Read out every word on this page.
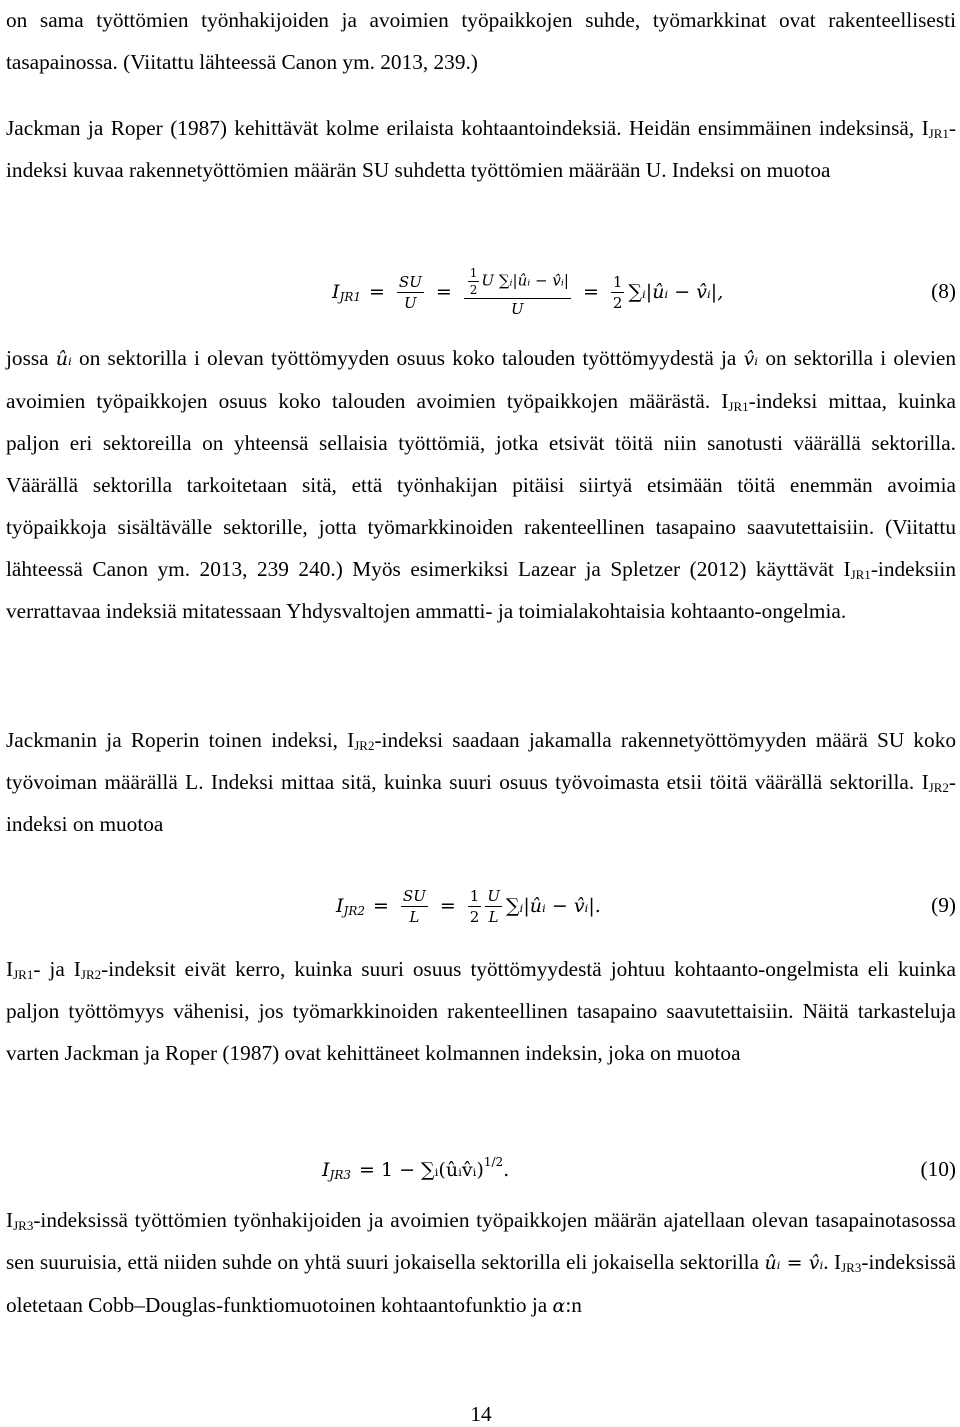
on sama työttömien työnhakijoiden ja avoimien työpaikkojen suhde, työmarkkinat ovat rakenteellisesti tasapainossa. (Viitattu lähteessä Canon ym. 2013, 239.)

Jackman ja Roper (1987) kehittävät kolme erilaista kohtaantoindeksiä. Heidän ensimmäinen indeksinsä, $I_{JR1}$-indeksi kuvaa rakennetyöttömien määrän SU suhdetta työttömien määrään U. Indeksi on muotoa

I $JR1 = \frac{SU}{U} = \frac{\frac{1}{2} U \sum ᵢ|ûᵢ - v̂ᵢ|}{U} = \frac{1}{2}$ ∑ᵢ|ûᵢ − v̂ᵢ|,	(8)

jossa ûᵢ on sektorilla i olevan työttömyyden osuus koko talouden työttömyydestä ja v̂ᵢ on sektorilla i olevien avoimien työpaikkojen osuus koko talouden avoimien työpaikkojen määrästä. $I_{JR1}$-indeksi mittaa, kuinka paljon eri sektoreilla on yhteensä sellaisia työttömiä, jotka etsivät töitä niin sanotusti väärällä sektorilla. Väärällä sektorilla tarkoitetaan sitä, että työnhakijan pitäisi siirtyä etsimään töitä enemmän avoimia työpaikkoja sisältävälle sektorille, jotta työmarkkinoiden rakenteellinen tasapaino saavutettaisiin. (Viitattu lähteessä Canon ym. 2013, 239 240.) Myös esimerkiksi Lazear ja Spletzer (2012) käyttävät $I_{JR1}$-indeksiin verrattavaa indeksiä mitatessaan Yhdysvaltojen ammatti- ja toimialakohtaisia kohtaanto-ongelmia.

Jackmanin ja Roperin toinen indeksi, $I_{JR2}$-indeksi saadaan jakamalla rakennetyöttömyyden määrä SU koko työvoiman määrällä L. Indeksi mittaa sitä, kuinka suuri osuus työvoimasta etsii töitä väärällä sektorilla. $I_{JR2}$-indeksi on muotoa

I $JR2 = \frac{SU}{L} = \frac{1}{2} \frac{U}{L}$ ∑ᵢ|ûᵢ − v̂ᵢ|.	(9)

$I_{JR1}-$ ja $I_{JR2}$-indeksit eivät kerro, kuinka suuri osuus työttömyydestä johtuu kohtaanto-ongelmista eli kuinka paljon työttömyys vähenisi, jos työmarkkinoiden rakenteellinen tasapaino saavutettaisiin. Näitä tarkasteluja varten Jackman ja Roper (1987) ovat kehittäneet kolmannen indeksin, joka on muotoa

I JR3 = 1 − ∑ᵢ(ûᵢv̂ᵢ) 1/2 .	(10)

$I_{JR3}$-indeksissä työttömien työnhakijoiden ja avoimien työpaikkojen määrän ajatellaan olevan tasapainotasossa sen suuruisia, että niiden suhde on yhtä suuri jokaisella sektorilla eli jokaisella sektorilla ûᵢ = v̂ᵢ. $I_{JR3}$-indeksissä oletetaan Cobb–Douglas-funktiomuotoinen kohtaantofunktio ja α:n

14
